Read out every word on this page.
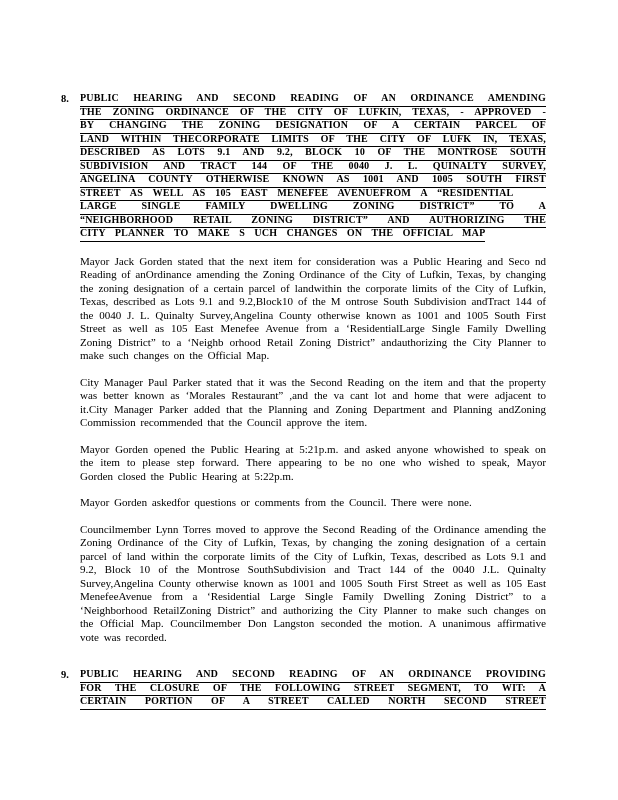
8.	PUBLIC HEARING AND SECOND READING OF AN ORDINANCE AMENDING
THE ZONING ORDINANCE OF THE CITY OF LUFKIN, TEXAS, - APPROVED -
BY CHANGING THE ZONING DESIGNATION OF A CERTAIN PARCEL OF
LAND WITHIN THECORPORATE LIMITS OF THE CITY OF LUFK IN, TEXAS,
DESCRIBED AS LOTS 9.1 AND 9.2, BLOCK 10 OF THE MONTROSE SOUTH
SUBDIVISION AND TRACT 144 OF THE 0040 J. L. QUINALTY SURVEY,
ANGELINA COUNTY OTHERWISE KNOWN AS 1001 AND 1005 SOUTH FIRST
STREET AS WELL AS 105 EAST MENEFEE AVENUEFROM A “RESIDENTIAL
LARGE SINGLE FAMILY DWELLING ZONING DISTRICT” TO A
“NEIGHBORHOOD RETAIL ZONING DISTRICT” AND AUTHORIZING THE
CITY PLANNER TO MAKE S UCH CHANGES ON THE OFFICIAL MAP

Mayor Jack Gorden stated that the next item for consideration was a Public Hearing and Seco nd Reading of anOrdinance amending the Zoning Ordinance of the City of Lufkin, Texas, by changing the zoning designation of a certain parcel of landwithin the corporate limits of the City of Lufkin, Texas, described as Lots 9.1 and 9.2,Block10 of the M ontrose South Subdivision andTract 144 of the 0040 J. L. Quinalty Survey,Angelina County otherwise known as 1001 and 1005 South First Street as well as 105 East Menefee Avenue from a ‘ResidentialLarge Single Family Dwelling Zoning District” to a ‘Neighb orhood Retail Zoning District” andauthorizing the City Planner to make such changes on the Official Map.

City Manager Paul Parker stated that it was the Second Reading on the item and that the property was better known as ‘Morales Restaurant” ,and the va cant lot and home that were adjacent to it.City Manager Parker added that the Planning and Zoning Department and Planning andZoning Commission recommended that the Council approve the item.

Mayor Gorden opened the Public Hearing at 5:21p.m. and asked anyone whowished to speak on the item to please step forward. There appearing to be no one who wished to speak, Mayor Gorden closed the Public Hearing at 5:22p.m.

Mayor Gorden askedfor questions or comments from the Council. There were none.

Councilmember Lynn Torres moved to approve the Second Reading of the Ordinance amending the Zoning Ordinance of the City of Lufkin, Texas, by changing the zoning designation of a certain parcel of land within the corporate limits of the City of Lufkin, Texas, described as Lots 9.1 and 9.2, Block 10 of the Montrose SouthSubdivision and Tract 144 of the 0040 J.L. Quinalty Survey,Angelina County otherwise known as 1001 and 1005 South First Street as well as 105 East MenefeeAvenue from a ‘Residential Large Single Family Dwelling Zoning District” to a ‘Neighborhood RetailZoning District” and authorizing the City Planner to make such changes on the Official Map. Councilmember Don Langston seconded the motion. A unanimous affirmative vote was recorded.

9.	PUBLIC HEARING AND SECOND READING OF AN ORDINANCE PROVIDING
FOR THE CLOSURE OF THE FOLLOWING STREET SEGMENT, TO WIT: A
CERTAIN PORTION OF A STREET CALLED NORTH SECOND STREET
